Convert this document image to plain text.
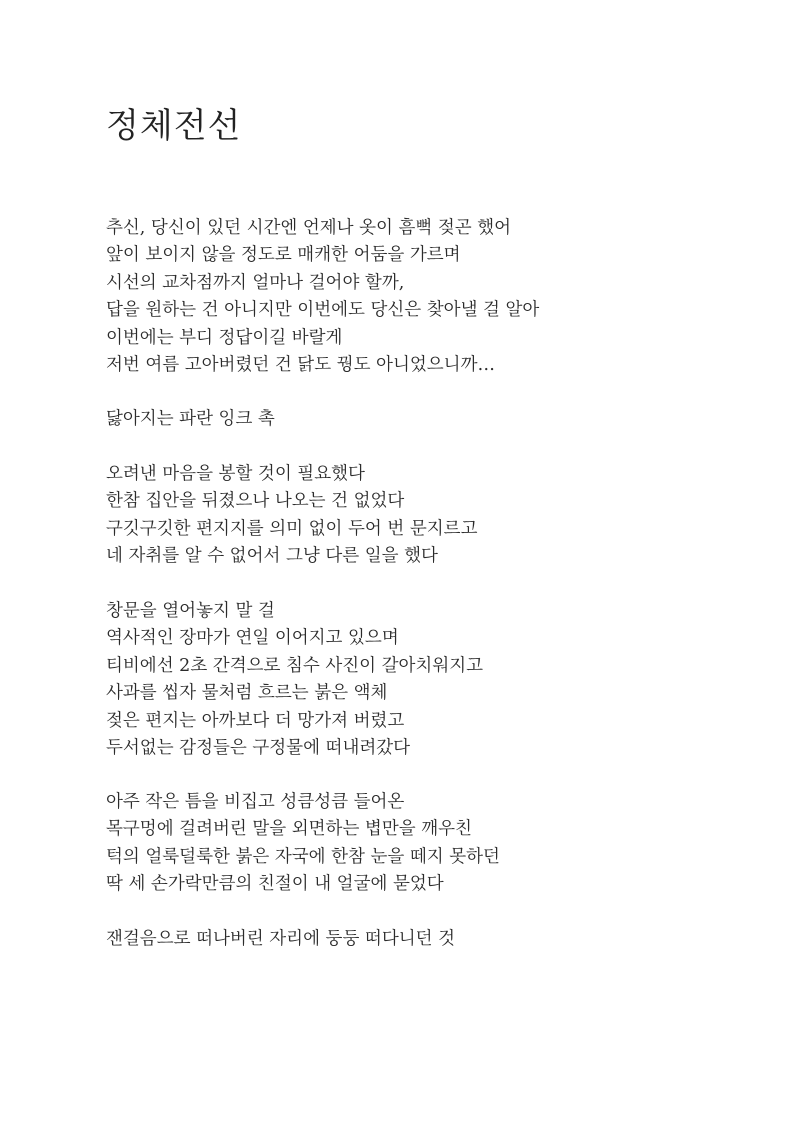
정체전선
추신, 당신이 있던 시간엔 언제나 옷이 흠뻑 젖곤 했어
앞이 보이지 않을 정도로 매캐한 어둠을 가르며
시선의 교차점까지 얼마나 걸어야 할까,
답을 원하는 건 아니지만 이번에도 당신은 찾아낼 걸 알아
이번에는 부디 정답이길 바랄게
저번 여름 고아버렸던 건 닭도 꿩도 아니었으니까…
닳아지는 파란 잉크 촉
오려낸 마음을 봉할 것이 필요했다
한참 집안을 뒤졌으나 나오는 건 없었다
구깃구깃한 편지지를 의미 없이 두어 번 문지르고
네 자취를 알 수 없어서 그냥 다른 일을 했다
창문을 열어놓지 말 걸
역사적인 장마가 연일 이어지고 있으며
티비에선 2초 간격으로 침수 사진이 갈아치워지고
사과를 씹자 물처럼 흐르는 붉은 액체
젖은 편지는 아까보다 더 망가져 버렸고
두서없는 감정들은 구정물에 떠내려갔다
아주 작은 틈을 비집고 성큼성큼 들어온
목구멍에 걸려버린 말을 외면하는 볍만을 깨우친
턱의 얼룩덜룩한 붉은 자국에 한참 눈을 떼지 못하던
딱 세 손가락만큼의 친절이 내 얼굴에 묻었다
잰걸음으로 떠나버린 자리에 둥둥 떠다니던 것
